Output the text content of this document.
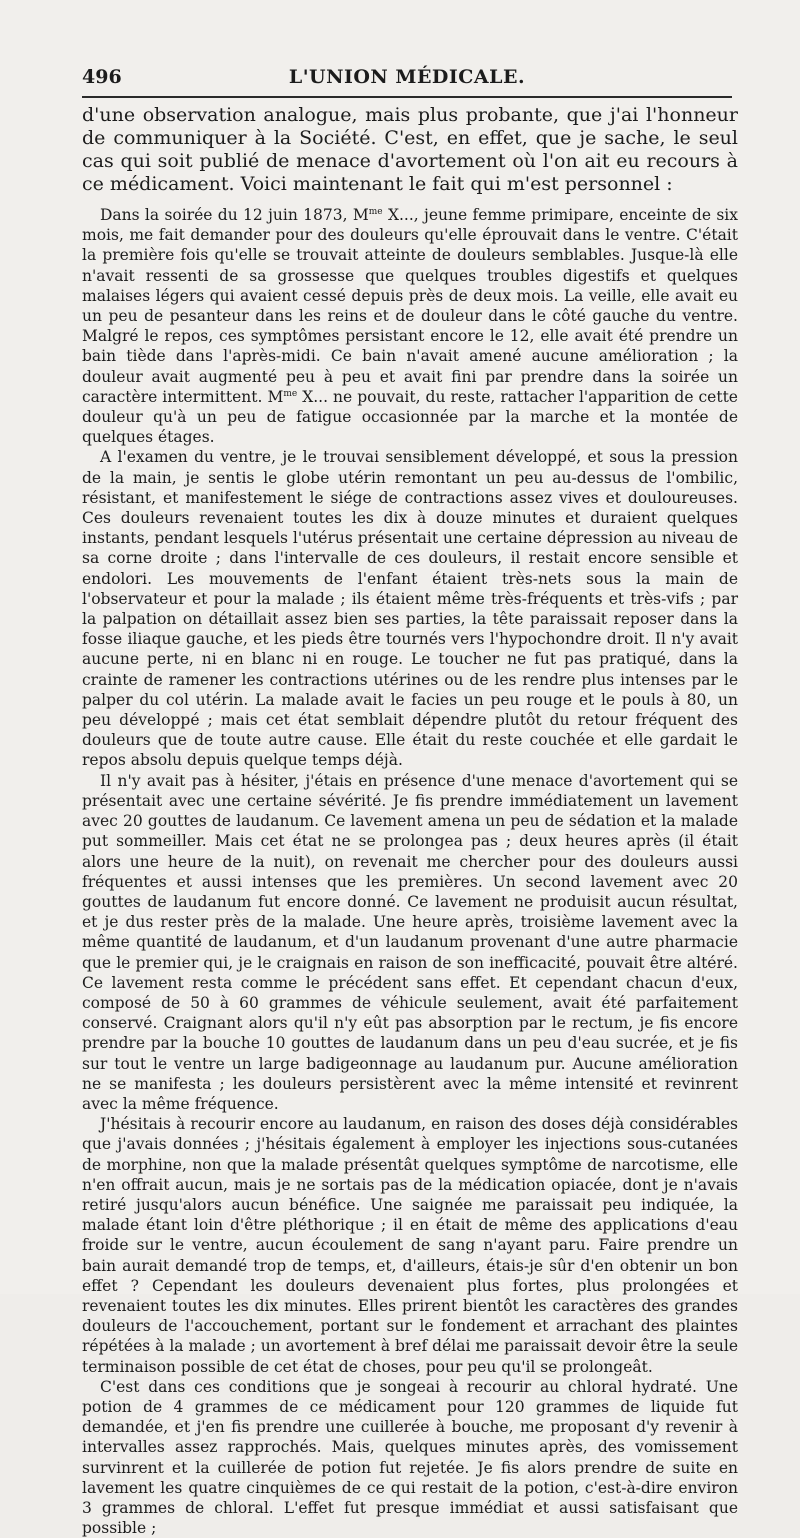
496	L'UNION MÉDICALE.

d'une observation analogue, mais plus probante, que j'ai l'honneur de communiquer à la Société. C'est, en effet, que je sache, le seul cas qui soit publié de menace d'avortement où l'on ait eu recours à ce médicament. Voici maintenant le fait qui m'est personnel :

Dans la soirée du 12 juin 1873, $M^{me}$ X..., jeune femme primipare, enceinte de six mois, me fait demander pour des douleurs qu'elle éprouvait dans le ventre. C'était la première fois qu'elle se trouvait atteinte de douleurs semblables. Jusque-là elle n'avait ressenti de sa grossesse que quelques troubles digestifs et quelques malaises légers qui avaient cessé depuis près de deux mois. La veille, elle avait eu un peu de pesanteur dans les reins et de douleur dans le côté gauche du ventre. Malgré le repos, ces symptômes persistant encore le 12, elle avait été prendre un bain tiède dans l'après-midi. Ce bain n'avait amené aucune amélioration ; la douleur avait augmenté peu à peu et avait fini par prendre dans la soirée un caractère intermittent. $M^{me}$ X... ne pouvait, du reste, rattacher l'apparition de cette douleur qu'à un peu de fatigue occasionnée par la marche et la montée de quelques étages.

A l'examen du ventre, je le trouvai sensiblement développé, et sous la pression de la main, je sentis le globe utérin remontant un peu au-dessus de l'ombilic, résistant, et manifestement le siége de contractions assez vives et douloureuses. Ces douleurs revenaient toutes les dix à douze minutes et duraient quelques instants, pendant lesquels l'utérus présentait une certaine dépression au niveau de sa corne droite ; dans l'intervalle de ces douleurs, il restait encore sensible et endolori. Les mouvements de l'enfant étaient très-nets sous la main de l'observateur et pour la malade ; ils étaient même très-fréquents et très-vifs ; par la palpation on détaillait assez bien ses parties, la tête paraissait reposer dans la fosse iliaque gauche, et les pieds être tournés vers l'hypochondre droit. Il n'y avait aucune perte, ni en blanc ni en rouge. Le toucher ne fut pas pratiqué, dans la crainte de ramener les contractions utérines ou de les rendre plus intenses par le palper du col utérin. La malade avait le facies un peu rouge et le pouls à 80, un peu développé ; mais cet état semblait dépendre plutôt du retour fréquent des douleurs que de toute autre cause. Elle était du reste couchée et elle gardait le repos absolu depuis quelque temps déjà.

Il n'y avait pas à hésiter, j'étais en présence d'une menace d'avortement qui se présentait avec une certaine sévérité. Je fis prendre immédiatement un lavement avec 20 gouttes de laudanum. Ce lavement amena un peu de sédation et la malade put sommeiller. Mais cet état ne se prolongea pas ; deux heures après (il était alors une heure de la nuit), on revenait me chercher pour des douleurs aussi fréquentes et aussi intenses que les premières. Un second lavement avec 20 gouttes de laudanum fut encore donné. Ce lavement ne produisit aucun résultat, et je dus rester près de la malade. Une heure après, troisième lavement avec la même quantité de laudanum, et d'un laudanum provenant d'une autre pharmacie que le premier qui, je le craignais en raison de son inefficacité, pouvait être altéré. Ce lavement resta comme le précédent sans effet. Et cependant chacun d'eux, composé de 50 à 60 grammes de véhicule seulement, avait été parfaitement conservé. Craignant alors qu'il n'y eût pas absorption par le rectum, je fis encore prendre par la bouche 10 gouttes de laudanum dans un peu d'eau sucrée, et je fis sur tout le ventre un large badigeonnage au laudanum pur. Aucune amélioration ne se manifesta ; les douleurs persistèrent avec la même intensité et revinrent avec la même fréquence.

J'hésitais à recourir encore au laudanum, en raison des doses déjà considérables que j'avais données ; j'hésitais également à employer les injections sous-cutanées de morphine, non que la malade présentât quelques symptôme de narcotisme, elle n'en offrait aucun, mais je ne sortais pas de la médication opiacée, dont je n'avais retiré jusqu'alors aucun bénéfice. Une saignée me paraissait peu indiquée, la malade étant loin d'être pléthorique ; il en était de même des applications d'eau froide sur le ventre, aucun écoulement de sang n'ayant paru. Faire prendre un bain aurait demandé trop de temps, et, d'ailleurs, étais-je sûr d'en obtenir un bon effet ? Cependant les douleurs devenaient plus fortes, plus prolongées et revenaient toutes les dix minutes. Elles prirent bientôt les caractères des grandes douleurs de l'accouchement, portant sur le fondement et arrachant des plaintes répétées à la malade ; un avortement à bref délai me paraissait devoir être la seule terminaison possible de cet état de choses, pour peu qu'il se prolongeât.

C'est dans ces conditions que je songeai à recourir au chloral hydraté. Une potion de 4 grammes de ce médicament pour 120 grammes de liquide fut demandée, et j'en fis prendre une cuillerée à bouche, me proposant d'y revenir à intervalles assez rapprochés. Mais, quelques minutes après, des vomissement survinrent et la cuillerée de potion fut rejetée. Je fis alors prendre de suite en lavement les quatre cinquièmes de ce qui restait de la potion, c'est-à-dire environ 3 grammes de chloral. L'effet fut presque immédiat et aussi satisfaisant que possible ;
